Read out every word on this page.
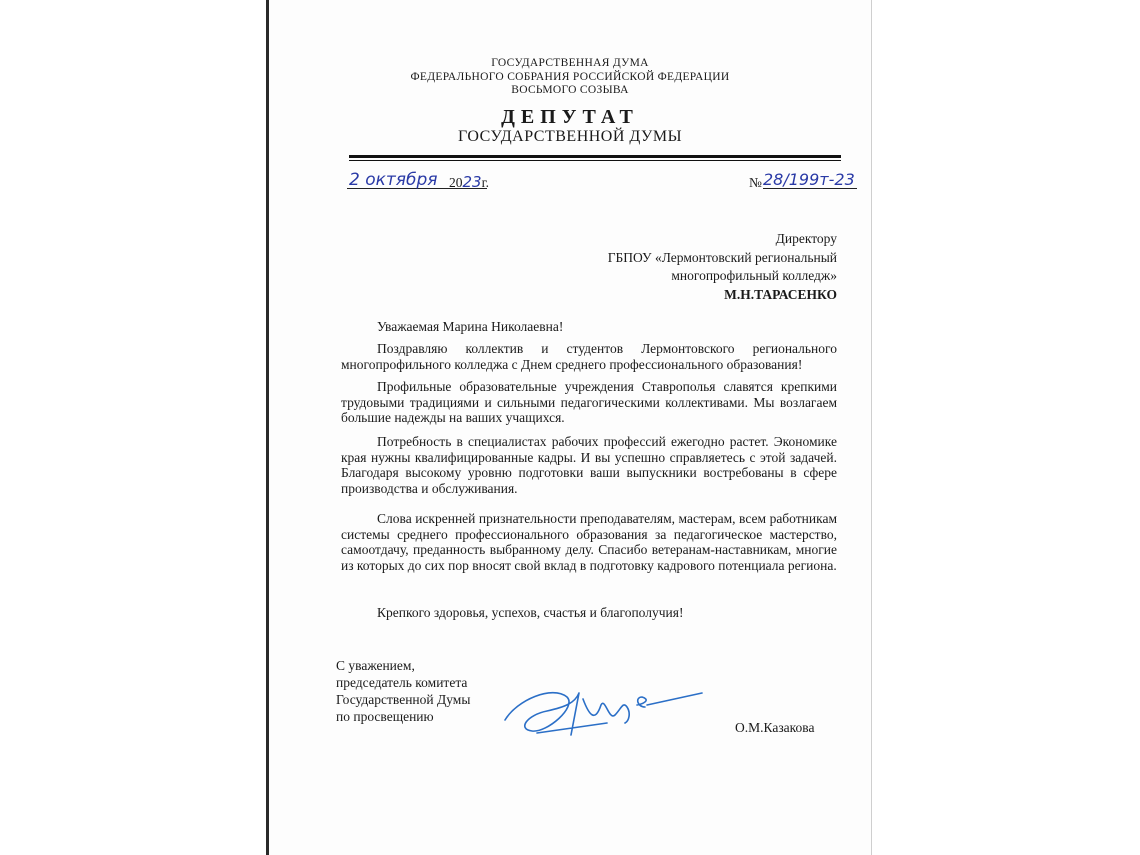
ГОСУДАРСТВЕННАЯ ДУМА
ФЕДЕРАЛЬНОГО СОБРАНИЯ РОССИЙСКОЙ ФЕДЕРАЦИИ
ВОСЬМОГО СОЗЫВА
ДЕПУТАТ
ГОСУДАРСТВЕННОЙ ДУМЫ
2 октября 2023г.	№ 28/199т-23
Директору
ГБПОУ «Лермонтовский региональный
многопрофильный колледж»
М.Н.ТАРАСЕНКО
Уважаемая Марина Николаевна!
Поздравляю коллектив и студентов Лермонтовского регионального многопрофильного колледжа с Днем среднего профессионального образования!
Профильные образовательные учреждения Ставрополья славятся крепкими трудовыми традициями и сильными педагогическими коллективами. Мы возлагаем большие надежды на ваших учащихся.
Потребность в специалистах рабочих профессий ежегодно растет. Экономике края нужны квалифицированные кадры. И вы успешно справляетесь с этой задачей. Благодаря высокому уровню подготовки ваши выпускники востребованы в сфере производства и обслуживания.
Слова искренней признательности преподавателям, мастерам, всем работникам системы среднего профессионального образования за педагогическое мастерство, самоотдачу, преданность выбранному делу. Спасибо ветеранам-наставникам, многие из которых до сих пор вносят свой вклад в подготовку кадрового потенциала региона.
Крепкого здоровья, успехов, счастья и благополучия!
С уважением,
председатель комитета
Государственной Думы
по просвещению
О.М.Казакова
